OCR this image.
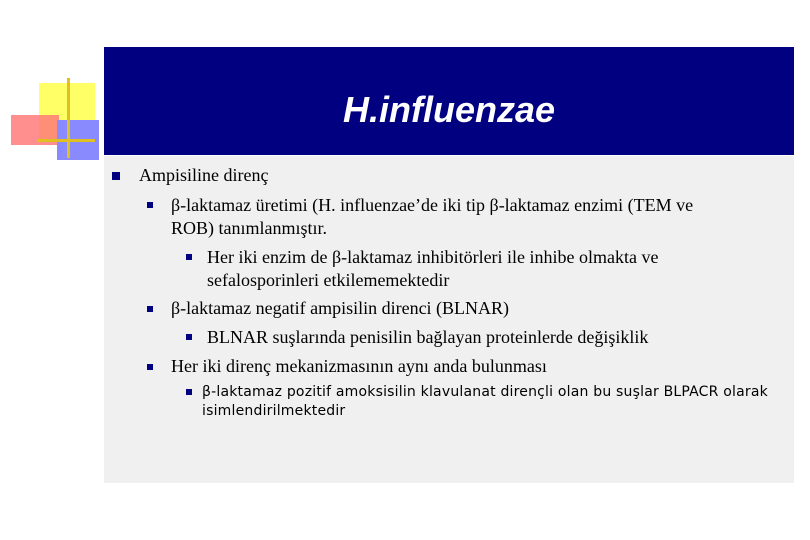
H.influenzae
Ampisiline direnç
β-laktamaz üretimi (H. influenzae’de iki tip β-laktamaz enzimi (TEM ve
ROB) tanımlanmıştır.
Her iki enzim de β-laktamaz inhibitörleri ile inhibe olmakta ve
sefalosporinleri etkilememektedir
β-laktamaz negatif ampisilin direnci (BLNAR)
BLNAR suşlarında penisilin bağlayan proteinlerde değişiklik
Her iki direnç mekanizmasının aynı anda bulunması
β-laktamaz pozitif amoksisilin klavulanat dirençli olan bu suşlar BLPACR olarak
isimlendirilmektedir
